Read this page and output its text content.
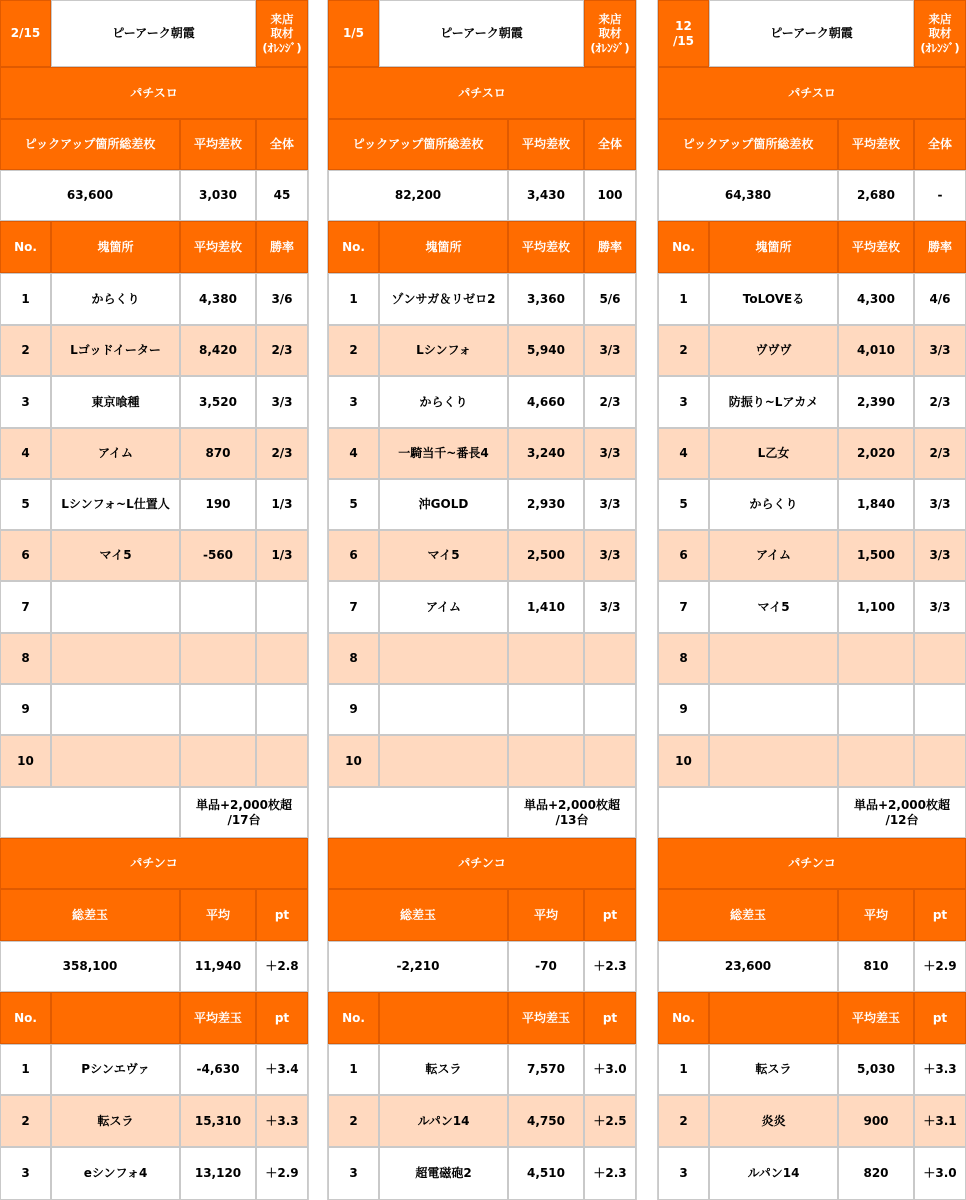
2/15	ピーアーク朝霞
来店
取材
(ｵﾚﾝｼﾞ)
パチスロ
ピックアップ箇所総差枚	平均差枚	全体
63,600	3,030	45
No.	塊箇所	平均差枚	勝率
1	からくり	4,380	3/6
2	Lゴッドイーター	8,420	2/3
3	東京喰種	3,520	3/3
4	アイム	870	2/3
5	Lシンフォ~L仕置人	190	1/3
6	マイ5	-560	1/3
7
8
9
10
単品+2,000枚超
/17台
パチンコ
総差玉	平均	pt
358,100	11,940	＋2.8
No.	平均差玉	pt
1	Pシンエヴァ	-4,630	＋3.4
2	転スラ	15,310	＋3.3
3	eシンフォ4	13,120	＋2.9
1/5	ピーアーク朝霞
来店
取材
(ｵﾚﾝｼﾞ)
パチスロ
ピックアップ箇所総差枚	平均差枚	全体
82,200	3,430	100
No.	塊箇所	平均差枚	勝率
1	ゾンサガ＆リゼロ2	3,360	5/6
2	Lシンフォ	5,940	3/3
3	からくり	4,660	2/3
4	一騎当千~番長4	3,240	3/3
5	沖GOLD	2,930	3/3
6	マイ5	2,500	3/3
7	アイム	1,410	3/3
8
9
10
単品+2,000枚超
/13台
パチンコ
総差玉	平均	pt
-2,210	-70	＋2.3
No.	平均差玉	pt
1	転スラ	7,570	＋3.0
2	ルパン14	4,750	＋2.5
3	超電磁砲2	4,510	＋2.3
12
/15
ピーアーク朝霞
来店
取材
(ｵﾚﾝｼﾞ)
パチスロ
ピックアップ箇所総差枚	平均差枚	全体
64,380	2,680	-
No.	塊箇所	平均差枚	勝率
1	ToLOVEる	4,300	4/6
2	ヴヴヴ	4,010	3/3
3	防振り~Lアカメ	2,390	2/3
4	L乙女	2,020	2/3
5	からくり	1,840	3/3
6	アイム	1,500	3/3
7	マイ5	1,100	3/3
8
9
10
単品+2,000枚超
/12台
パチンコ
総差玉	平均	pt
23,600	810	＋2.9
No.	平均差玉	pt
1	転スラ	5,030	＋3.3
2	炎炎	900	＋3.1
3	ルパン14	820	＋3.0
